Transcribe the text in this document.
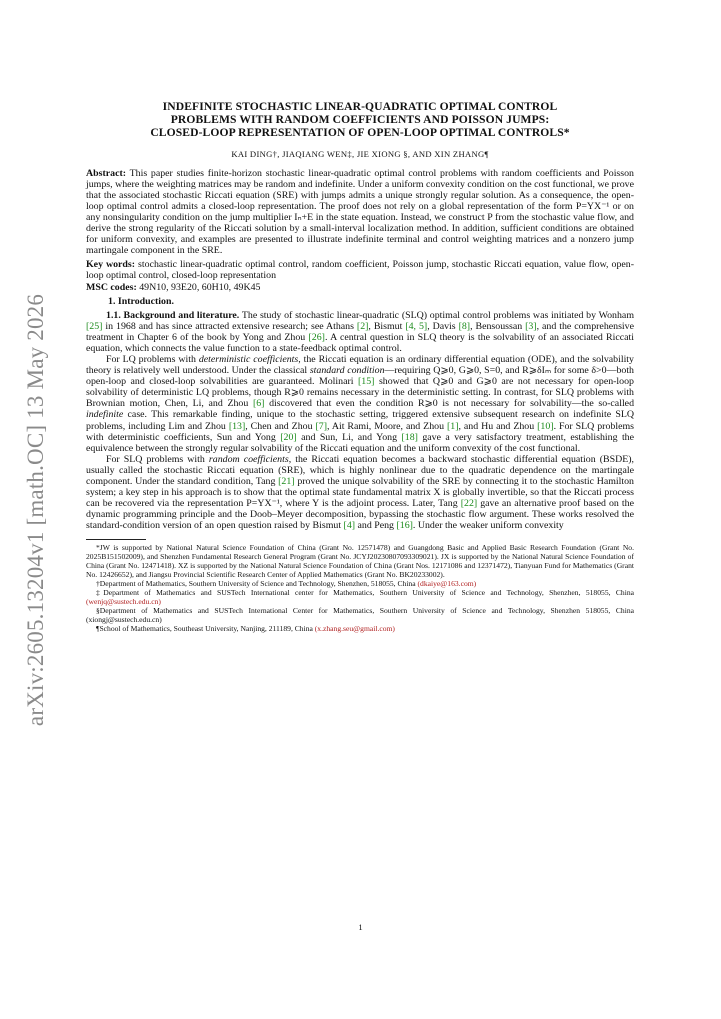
arXiv:2605.13204v1 [math.OC] 13 May 2026
INDEFINITE STOCHASTIC LINEAR-QUADRATIC OPTIMAL CONTROL
PROBLEMS WITH RANDOM COEFFICIENTS AND POISSON JUMPS:
CLOSED-LOOP REPRESENTATION OF OPEN-LOOP OPTIMAL CONTROLS*
KAI DING†, JIAQIANG WEN‡, JIE XIONG §, AND XIN ZHANG¶

Abstract: This paper studies finite-horizon stochastic linear-quadratic optimal control problems with random coefficients and Poisson jumps, where the weighting matrices may be random and indefinite. Under a uniform convexity condition on the cost functional, we prove that the associated stochastic Riccati equation (SRE) with jumps admits a unique strongly regular solution. As a consequence, the open-loop optimal control admits a closed-loop representation. The proof does not rely on a global representation of the form P=YX⁻¹ or on any nonsingularity condition on the jump multiplier Iₙ+E in the state equation. Instead, we construct P from the stochastic value flow, and derive the strong regularity of the Riccati solution by a small-interval localization method. In addition, sufficient conditions are obtained for uniform convexity, and examples are presented to illustrate indefinite terminal and control weighting matrices and a nonzero jump martingale component in the SRE.

Key words: stochastic linear-quadratic optimal control, random coefficient, Poisson jump, stochastic Riccati equation, value flow, open-loop optimal control, closed-loop representation

MSC codes: 49N10, 93E20, 60H10, 49K45

1. Introduction.

1.1. Background and literature. The study of stochastic linear-quadratic (SLQ) optimal control problems was initiated by Wonham [25] in 1968 and has since attracted extensive research; see Athans [2], Bismut [4, 5], Davis [8], Bensoussan [3], and the comprehensive treatment in Chapter 6 of the book by Yong and Zhou [26]. A central question in SLQ theory is the solvability of an associated Riccati equation, which connects the value function to a state-feedback optimal control.

For LQ problems with deterministic coefficients, the Riccati equation is an ordinary differential equation (ODE), and the solvability theory is relatively well understood. Under the classical standard condition—requiring Q⩾0, G⩾0, S=0, and R⩾δIₘ for some δ>0—both open-loop and closed-loop solvabilities are guaranteed. Molinari [15] showed that Q⩾0 and G⩾0 are not necessary for open-loop solvability of deterministic LQ problems, though R⩾0 remains necessary in the deterministic setting. In contrast, for SLQ problems with Brownian motion, Chen, Li, and Zhou [6] discovered that even the condition R⩾0 is not necessary for solvability—the so-called indefinite case. This remarkable finding, unique to the stochastic setting, triggered extensive subsequent research on indefinite SLQ problems, including Lim and Zhou [13], Chen and Zhou [7], Ait Rami, Moore, and Zhou [1], and Hu and Zhou [10]. For SLQ problems with deterministic coefficients, Sun and Yong [20] and Sun, Li, and Yong [18] gave a very satisfactory treatment, establishing the equivalence between the strongly regular solvability of the Riccati equation and the uniform convexity of the cost functional.

For SLQ problems with random coefficients, the Riccati equation becomes a backward stochastic differential equation (BSDE), usually called the stochastic Riccati equation (SRE), which is highly nonlinear due to the quadratic dependence on the martingale component. Under the standard condition, Tang [21] proved the unique solvability of the SRE by connecting it to the stochastic Hamilton system; a key step in his approach is to show that the optimal state fundamental matrix X is globally invertible, so that the Riccati process can be recovered via the representation P=YX⁻¹, where Y is the adjoint process. Later, Tang [22] gave an alternative proof based on the dynamic programming principle and the Doob–Meyer decomposition, bypassing the stochastic flow argument. These works resolved the standard-condition version of an open question raised by Bismut [4] and Peng [16]. Under the weaker uniform convexity

*JW is supported by National Natural Science Foundation of China (Grant No. 12571478) and Guangdong Basic and Applied Basic Research Foundation (Grant No. 2025B151502009), and Shenzhen Fundamental Research General Program (Grant No. JCYJ20230807093309021). JX is supported by the National Natural Science Foundation of China (Grant No. 12471418). XZ is supported by the National Natural Science Foundation of China (Grant Nos. 12171086 and 12371472), Tianyuan Fund for Mathematics (Grant No. 12426652), and Jiangsu Provincial Scientific Research Center of Applied Mathematics (Grant No. BK20233002).

†Department of Mathematics, Southern University of Science and Technology, Shenzhen, 518055, China (dkaiye@163.com)

‡Department of Mathematics and SUSTech International center for Mathematics, Southern University of Science and Technology, Shenzhen, 518055, China (wenjq@sustech.edu.cn)

§Department of Mathematics and SUSTech International Center for Mathematics, Southern University of Science and Technology, Shenzhen 518055, China (xiongj@sustech.edu.cn)

¶School of Mathematics, Southeast University, Nanjing, 211189, China (x.zhang.seu@gmail.com)

1
